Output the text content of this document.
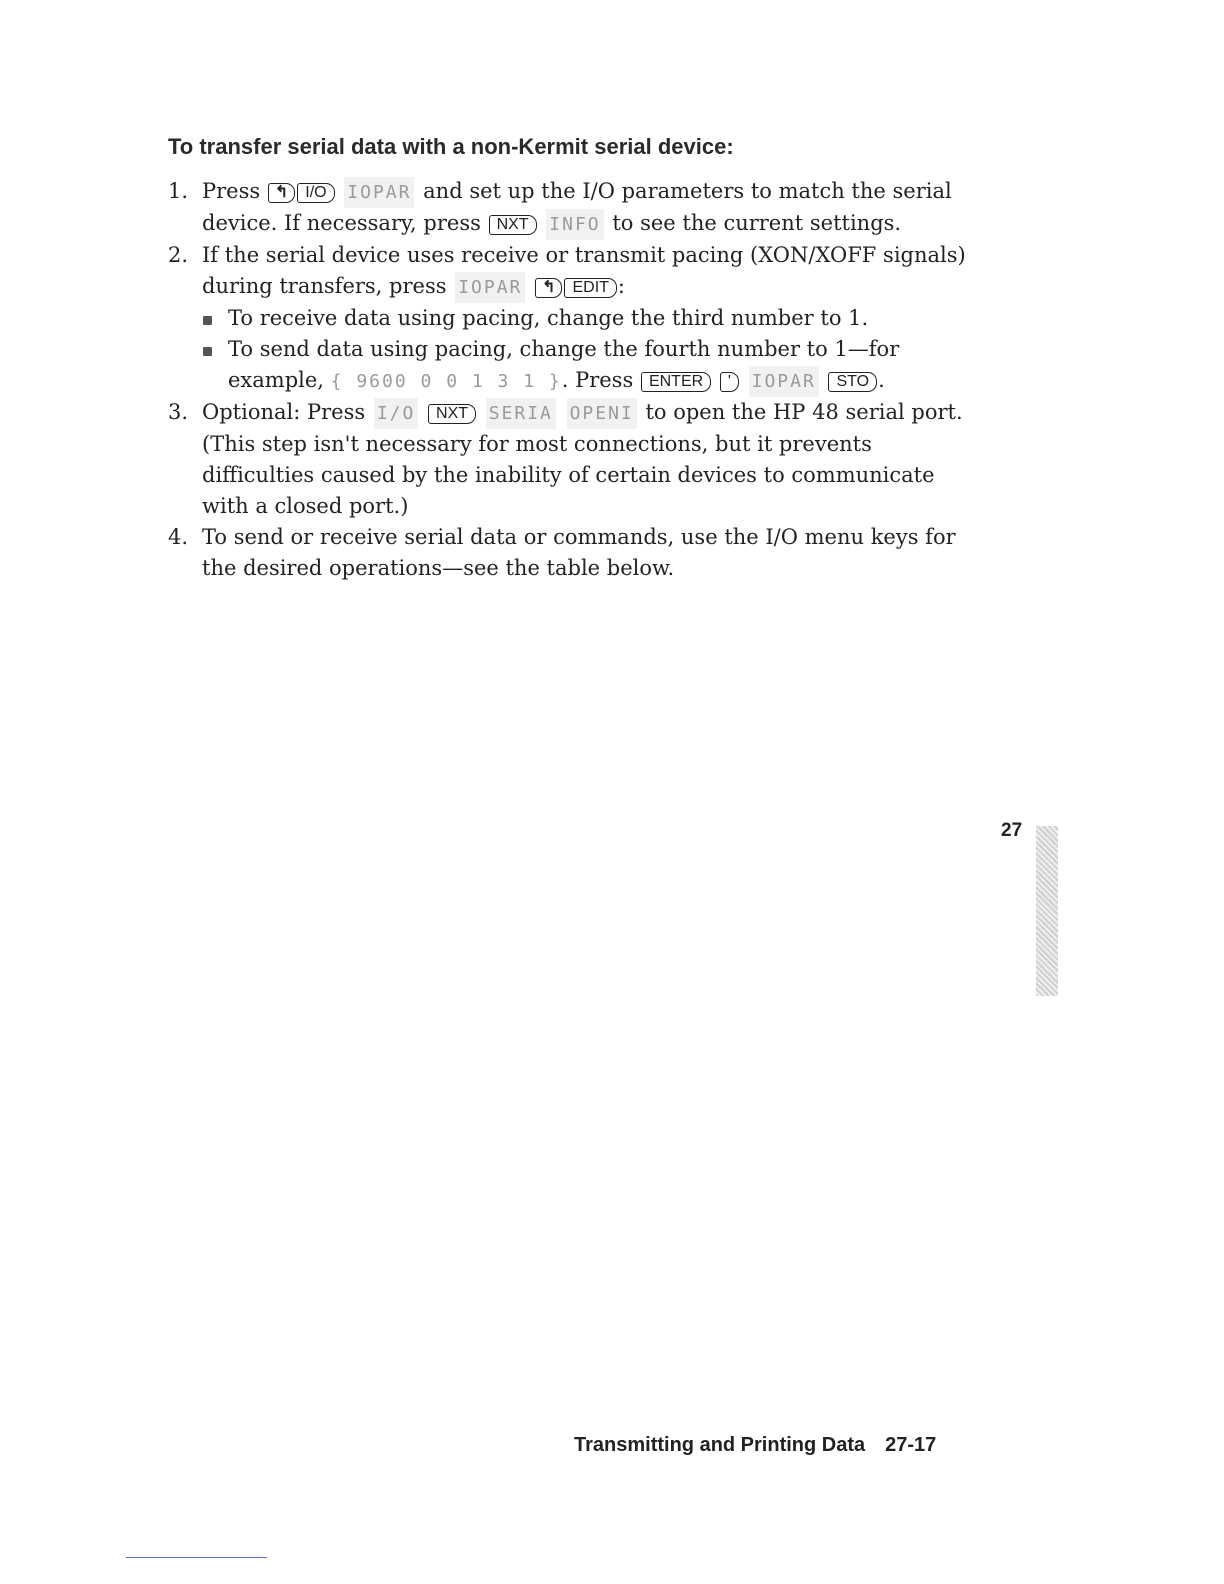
To transfer serial data with a non-Kermit serial device:
1. Press ↰ I/O IOPAR and set up the I/O parameters to match the serial device. If necessary, press NXT INFO to see the current settings.
2. If the serial device uses receive or transmit pacing (XON/XOFF signals) during transfers, press IOPAR ↰ EDIT :
To receive data using pacing, change the third number to 1.
To send data using pacing, change the fourth number to 1—for example, { 9600 0 0 1 3 1 }. Press ENTER ' IOPAR STO .
3. Optional: Press I/O NXT SERIA OPENI to open the HP 48 serial port. (This step isn't necessary for most connections, but it prevents difficulties caused by the inability of certain devices to communicate with a closed port.)
4. To send or receive serial data or commands, use the I/O menu keys for the desired operations—see the table below.

27

Transmitting and Printing Data 27-17
